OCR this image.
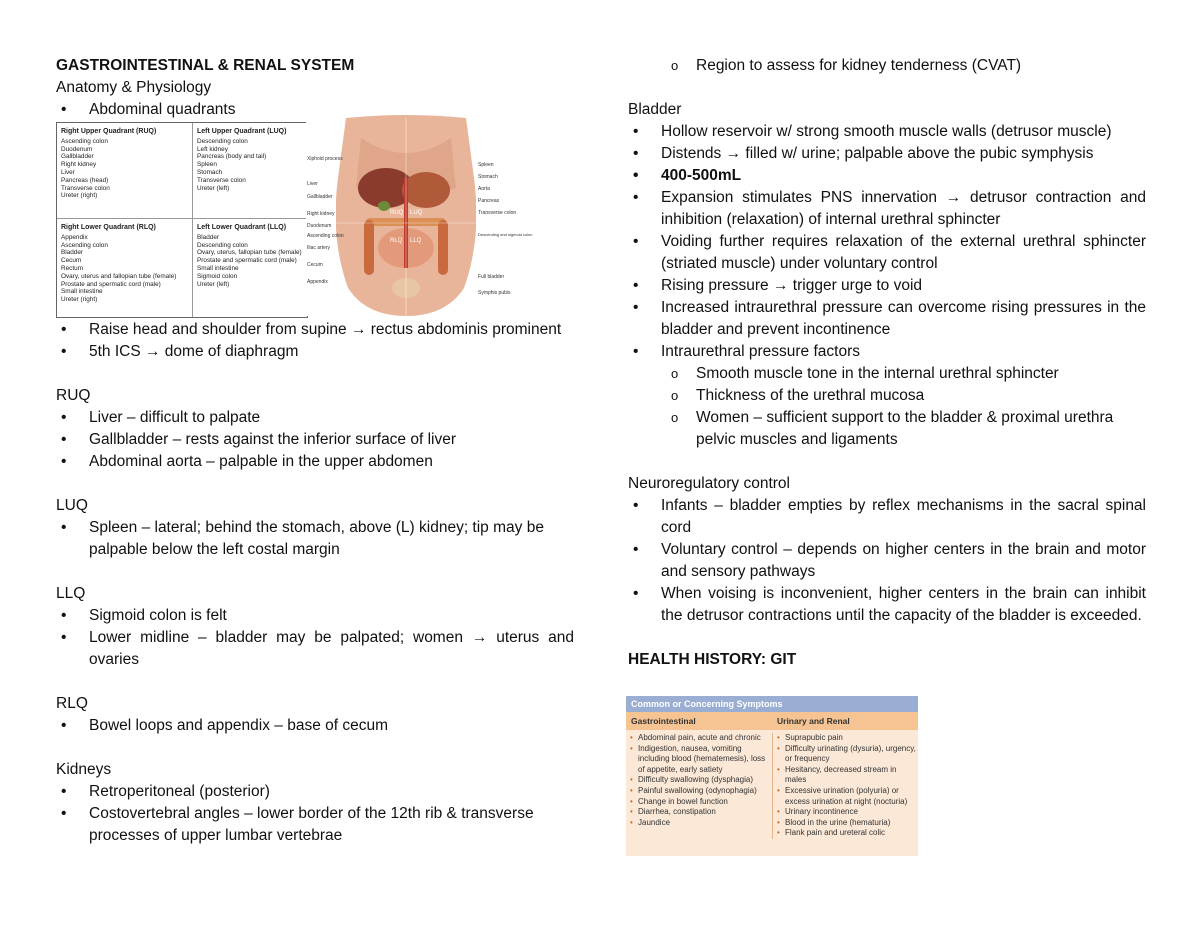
GASTROINTESTINAL & RENAL SYSTEM
Anatomy & Physiology
• Abdominal quadrants
Right Upper Quadrant (RUQ)
Ascending colon
Duodenum
Gallbladder
Right kidney
Liver
Pancreas (head)
Transverse colon
Ureter (right)
Left Upper Quadrant (LUQ)
Descending colon
Left kidney
Pancreas (body and tail)
Spleen
Stomach
Transverse colon
Ureter (left)
Right Lower Quadrant (RLQ)
Appendix
Ascending colon
Bladder
Cecum
Rectum
Ovary, uterus and fallopian tube (female)
Prostate and spermatic cord (male)
Small intestine
Ureter (right)
Left Lower Quadrant (LLQ)
Bladder
Descending colon
Ovary, uterus, fallopian tube (female)
Prostate and spermatic cord (male)
Small intestine
Sigmoid colon
Ureter (left)
RUQ LUQ
RLQ LLQ
Xiphoid process
Liver
Gallbladder
Right kidney
Duodenum
Ascending colon
Iliac artery
Cecum
Appendix
Spleen
Stomach
Aorta
Pancreas
Transverse colon
Descending and sigmoid colon
Full bladder
Symphis pubis
• Raise head and shoulder from supine → rectus abdominis prominent
• 5th ICS → dome of diaphragm
RUQ
• Liver – difficult to palpate
• Gallbladder – rests against the inferior surface of liver
• Abdominal aorta – palpable in the upper abdomen
LUQ
• Spleen – lateral; behind the stomach, above (L) kidney; tip may be palpable below the left costal margin
LLQ
• Sigmoid colon is felt
• Lower midline – bladder may be palpated; women → uterus and ovaries
RLQ
• Bowel loops and appendix – base of cecum
Kidneys
• Retroperitoneal (posterior)
• Costovertebral angles – lower border of the 12th rib & transverse processes of upper lumbar vertebrae
o Region to assess for kidney tenderness (CVAT)
Bladder
• Hollow reservoir w/ strong smooth muscle walls (detrusor muscle)
• Distends → filled w/ urine; palpable above the pubic symphysis
• 400-500mL
• Expansion stimulates PNS innervation → detrusor contraction and inhibition (relaxation) of internal urethral sphincter
• Voiding further requires relaxation of the external urethral sphincter (striated muscle) under voluntary control
• Rising pressure → trigger urge to void
• Increased intraurethral pressure can overcome rising pressures in the bladder and prevent incontinence
• Intraurethral pressure factors
o Smooth muscle tone in the internal urethral sphincter
o Thickness of the urethral mucosa
o Women – sufficient support to the bladder & proximal urethra pelvic muscles and ligaments
Neuroregulatory control
• Infants – bladder empties by reflex mechanisms in the sacral spinal cord
• Voluntary control – depends on higher centers in the brain and motor and sensory pathways
• When voising is inconvenient, higher centers in the brain can inhibit the detrusor contractions until the capacity of the bladder is exceeded.
HEALTH HISTORY: GIT
Common or Concerning Symptoms
Gastrointestinal	Urinary and Renal
• Abdominal pain, acute and chronic
• Indigestion, nausea, vomiting including blood (hematemesis), loss of appetite, early satiety
• Difficulty swallowing (dysphagia)
• Painful swallowing (odynophagia)
• Change in bowel function
• Diarrhea, constipation
• Jaundice
• Suprapubic pain
• Difficulty urinating (dysuria), urgency, or frequency
• Hesitancy, decreased stream in males
• Excessive urination (polyuria) or excess urination at night (nocturia)
• Urinary incontinence
• Blood in the urine (hematuria)
• Flank pain and ureteral colic
